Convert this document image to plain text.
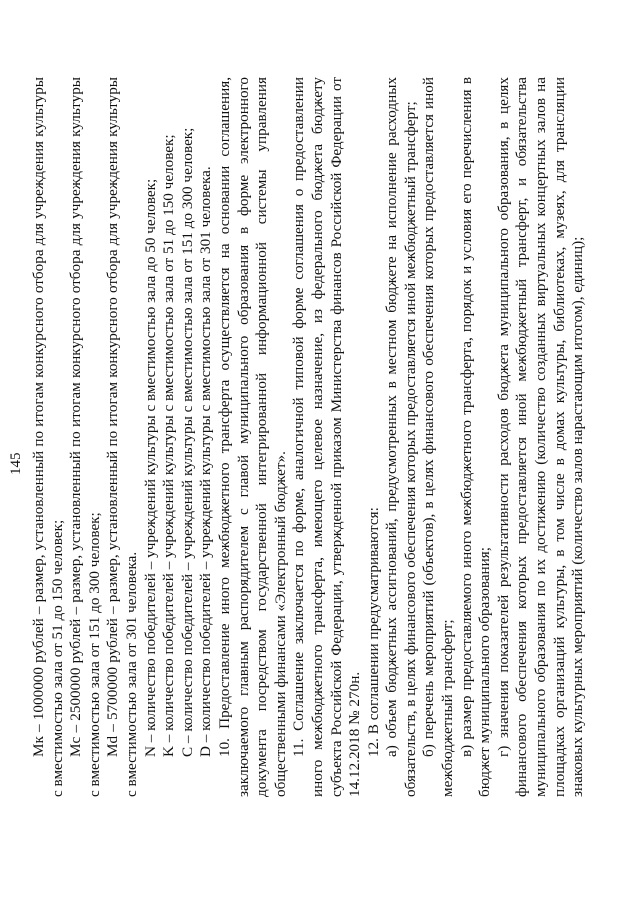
145 Мк – 1000000 рублей – размер, установленный по итогам конкурсного отбора для учреждения культуры с вместимостью зала от 51 до 150 человек; Мс – 2500000 рублей – размер, установленный по итогам конкурсного отбора для учреждения культуры с вместимостью зала от 151 до 300 человек; Мd – 5700000 рублей – размер, установленный по итогам конкурсного отбора для учреждения культуры с вместимостью зала от 301 человека. N – количество победителей – учреждений культуры с вместимостью зала до 50 человек; K – количество победителей – учреждений культуры с вместимостью зала от 51 до 150 человек; C – количество победителей – учреждений культуры с вместимостью зала от 151 до 300 человек; D – количество победителей – учреждений культуры с вместимостью зала от 301 человека. 10. Предоставление иного межбюджетного трансферта осуществляется на основании соглашения, заключаемого главным распорядителем с главой муниципального образования в форме электронного документа посредством государственной интегрированной информационной системы управления общественными финансами «Электронный бюджет». 11. Соглашение заключается по форме, аналогичной типовой форме соглашения о предоставлении иного межбюджетного трансферта, имеющего целевое назначение, из федерального бюджета бюджету субъекта Российской Федерации, утвержденной приказом Министерства финансов Российской Федерации от 14.12.2018 № 270н. 12. В соглашении предусматриваются: а) объем бюджетных ассигнований, предусмотренных в местном бюджете на исполнение расходных обязательств, в целях финансового обеспечения которых предоставляется иной межбюджетный трансферт; б) перечень мероприятий (объектов), в целях финансового обеспечения которых предоставляется иной межбюджетный трансферт; в) размер предоставляемого иного межбюджетного трансферта, порядок и условия его перечисления в бюджет муниципального образования; г) значения показателей результативности расходов бюджета муниципального образования, в целях финансового обеспечения которых предоставляется иной межбюджетный трансферт, и обязательства муниципального образования по их достижению (количество созданных виртуальных концертных залов на площадках организаций культуры, в том числе в домах культуры, библиотеках, музеях, для трансляции знаковых культурных мероприятий (количество залов нарастающим итогом), единиц);
